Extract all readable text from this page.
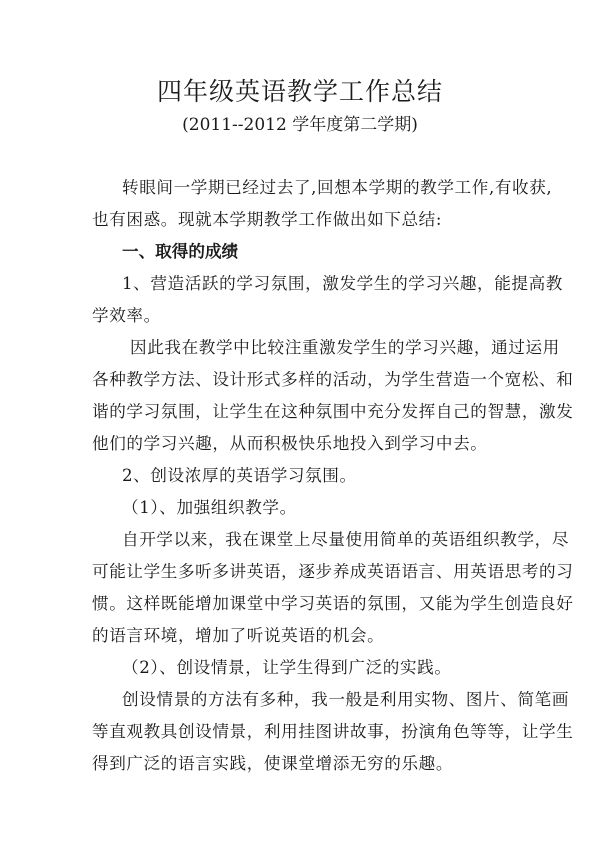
四年级英语教学工作总结

(2011--2012 学年度第二学期)

转眼间一学期已经过去了,回想本学期的教学工作,有收获,

也有困惑。现就本学期教学工作做出如下总结:

一、取得的成绩

1、营造活跃的学习氛围，激发学生的学习兴趣，能提高教

学效率。

因此我在教学中比较注重激发学生的学习兴趣，通过运用

各种教学方法、设计形式多样的活动，为学生营造一个宽松、和

谐的学习氛围，让学生在这种氛围中充分发挥自己的智慧，激发

他们的学习兴趣，从而积极快乐地投入到学习中去。

2、创设浓厚的英语学习氛围。

（1）、加强组织教学。

自开学以来，我在课堂上尽量使用简单的英语组织教学，尽

可能让学生多听多讲英语，逐步养成英语语言、用英语思考的习

惯。这样既能增加课堂中学习英语的氛围，又能为学生创造良好

的语言环境，增加了听说英语的机会。

（2）、创设情景，让学生得到广泛的实践。

创设情景的方法有多种，我一般是利用实物、图片、简笔画

等直观教具创设情景，利用挂图讲故事，扮演角色等等，让学生

得到广泛的语言实践，使课堂增添无穷的乐趣。
